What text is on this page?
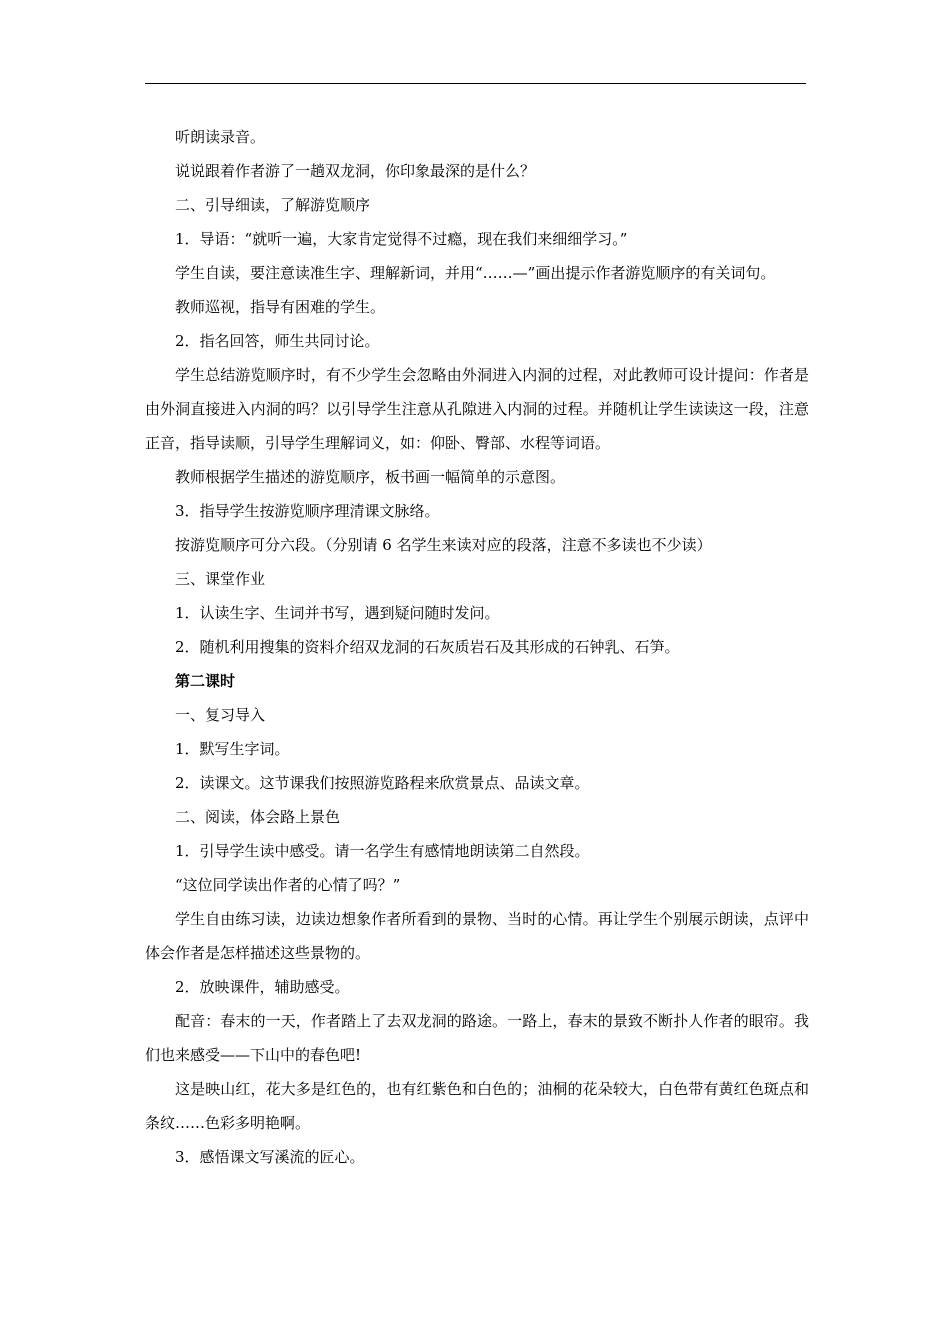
听朗读录音。

说说跟着作者游了一趟双龙洞，你印象最深的是什么？

二、引导细读，了解游览顺序

1．导语：“就听一遍，大家肯定觉得不过瘾，现在我们来细细学习。”

学生自读，要注意读准生字、理解新词，并用“……—”画出提示作者游览顺序的有关词句。

教师巡视，指导有困难的学生。

2．指名回答，师生共同讨论。

学生总结游览顺序时，有不少学生会忽略由外洞进入内洞的过程，对此教师可设计提问：作者是由外洞直接进入内洞的吗？以引导学生注意从孔隙进入内洞的过程。并随机让学生读读这一段，注意正音，指导读顺，引导学生理解词义，如：仰卧、臀部、水程等词语。

教师根据学生描述的游览顺序，板书画一幅简单的示意图。

3．指导学生按游览顺序理清课文脉络。

按游览顺序可分六段。（分别请 6 名学生来读对应的段落，注意不多读也不少读）

三、课堂作业

1．认读生字、生词并书写，遇到疑问随时发问。

2．随机利用搜集的资料介绍双龙洞的石灰质岩石及其形成的石钟乳、石笋。

第二课时

一、复习导入

1．默写生字词。

2．读课文。这节课我们按照游览路程来欣赏景点、品读文章。

二、阅读，体会路上景色

1．引导学生读中感受。请一名学生有感情地朗读第二自然段。

“这位同学读出作者的心情了吗？”

学生自由练习读，边读边想象作者所看到的景物、当时的心情。再让学生个别展示朗读，点评中体会作者是怎样描述这些景物的。

2．放映课件，辅助感受。

配音：春末的一天，作者踏上了去双龙洞的路途。一路上，春末的景致不断扑人作者的眼帘。我们也来感受——下山中的春色吧!

这是映山红，花大多是红色的，也有红紫色和白色的；油桐的花朵较大，白色带有黄红色斑点和条纹……色彩多明艳啊。

3．感悟课文写溪流的匠心。
